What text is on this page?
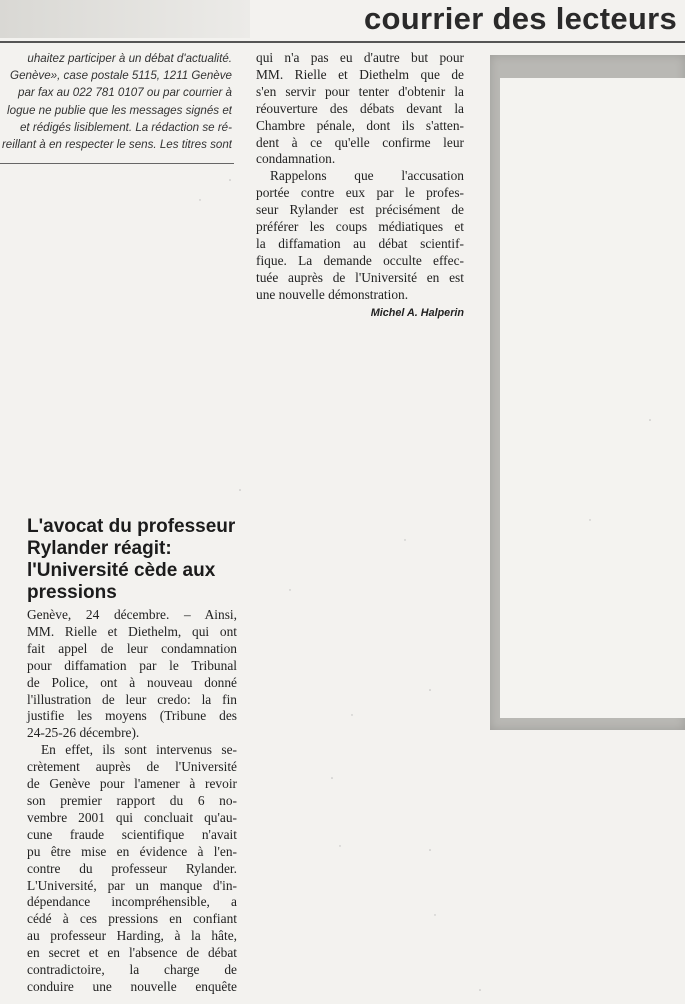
courrier des lecteurs
uhaitez participer à un débat d'actualité.
Genève», case postale 5115, 1211 Genève
par fax au 022 781 0107 ou par courrier à
logue ne publie que les messages signés et
et rédigés lisiblement. La rédaction se ré-
reillant à en respecter le sens. Les titres sont
qui n'a pas eu d'autre but pour
MM. Rielle et Diethelm que de
s'en servir pour tenter d'obtenir la
réouverture des débats devant la
Chambre pénale, dont ils s'atten-
dent à ce qu'elle confirme leur
condamnation.
Rappelons que l'accusation
portée contre eux par le profes-
seur Rylander est précisément de
préférer les coups médiatiques et
la diffamation au débat scientif-
fique. La demande occulte effec-
tuée auprès de l'Université en est
une nouvelle démonstration.
Michel A. Halperin
L'avocat du professeur
Rylander réagit:
l'Université cède aux
pressions
Genève, 24 décembre. – Ainsi,
MM. Rielle et Diethelm, qui ont
fait appel de leur condamnation
pour diffamation par le Tribunal
de Police, ont à nouveau donné
l'illustration de leur credo: la fin
justifie les moyens (Tribune des
24-25-26 décembre).
En effet, ils sont intervenus se-
crètement auprès de l'Université
de Genève pour l'amener à revoir
son premier rapport du 6 no-
vembre 2001 qui concluait qu'au-
cune fraude scientifique n'avait
pu être mise en évidence à l'en-
contre du professeur Rylander.
L'Université, par un manque d'in-
dépendance incompréhensible, a
cédé à ces pressions en confiant
au professeur Harding, à la hâte,
en secret et en l'absence de débat
contradictoire, la charge de
conduire une nouvelle enquête
